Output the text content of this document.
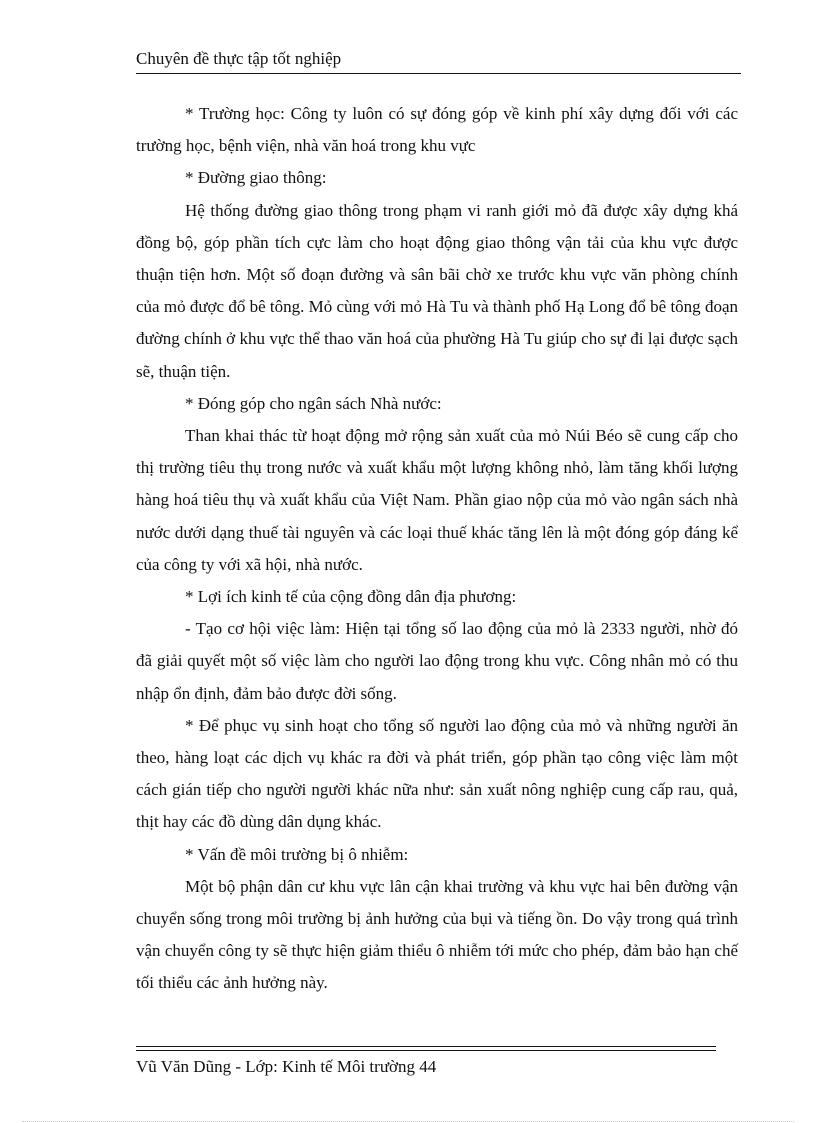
Chuyên đề thực tập tốt nghiệp

* Trường học: Công ty luôn có sự đóng góp về kinh phí xây dựng đối với các trường học, bệnh viện, nhà văn hoá trong khu vực

* Đường giao thông:

Hệ thống đường giao thông trong phạm vi ranh giới mỏ đã được xây dựng khá đồng bộ, góp phần tích cực làm cho hoạt động giao thông vận tải của khu vực được thuận tiện hơn. Một số đoạn đường và sân bãi chờ xe trước khu vực văn phòng chính của mỏ được đổ bê tông. Mỏ cùng với mỏ Hà Tu và thành phố Hạ Long đổ bê tông đoạn đường chính ở khu vực thể thao văn hoá của phường Hà Tu giúp cho sự đi lại được sạch sẽ, thuận tiện.

* Đóng góp cho ngân sách Nhà nước:

Than khai thác từ hoạt động mở rộng sản xuất của mỏ Núi Béo sẽ cung cấp cho thị trường tiêu thụ trong nước và xuất khẩu một lượng không nhỏ, làm tăng khối lượng hàng hoá tiêu thụ và xuất khẩu của Việt Nam. Phần giao nộp của mỏ vào ngân sách nhà nước dưới dạng thuế tài nguyên và các loại thuế khác tăng lên là một đóng góp đáng kể của công ty với xã hội, nhà nước.

* Lợi ích kinh tế của cộng đồng dân địa phương:

- Tạo cơ hội việc làm: Hiện tại tổng số lao động của mỏ là 2333 người, nhờ đó đã giải quyết một số việc làm cho người lao động trong khu vực. Công nhân mỏ có thu nhập ổn định, đảm bảo được đời sống.

* Để phục vụ sinh hoạt cho tổng số người lao động của mỏ và những người ăn theo, hàng loạt các dịch vụ khác ra đời và phát triển, góp phần tạo công việc làm một cách gián tiếp cho người người khác nữa như: sản xuất nông nghiệp cung cấp rau, quả, thịt hay các đồ dùng dân dụng khác.

* Vấn đề môi trường bị ô nhiễm:

Một bộ phận dân cư khu vực lân cận khai trường và khu vực hai bên đường vận chuyển sống trong môi trường bị ảnh hưởng của bụi và tiếng ồn. Do vậy trong quá trình vận chuyển công ty sẽ thực hiện giảm thiểu ô nhiễm tới mức cho phép, đảm bảo hạn chế tối thiểu các ảnh hưởng này.

Vũ Văn Dũng - Lớp: Kinh tế Môi trường 44
